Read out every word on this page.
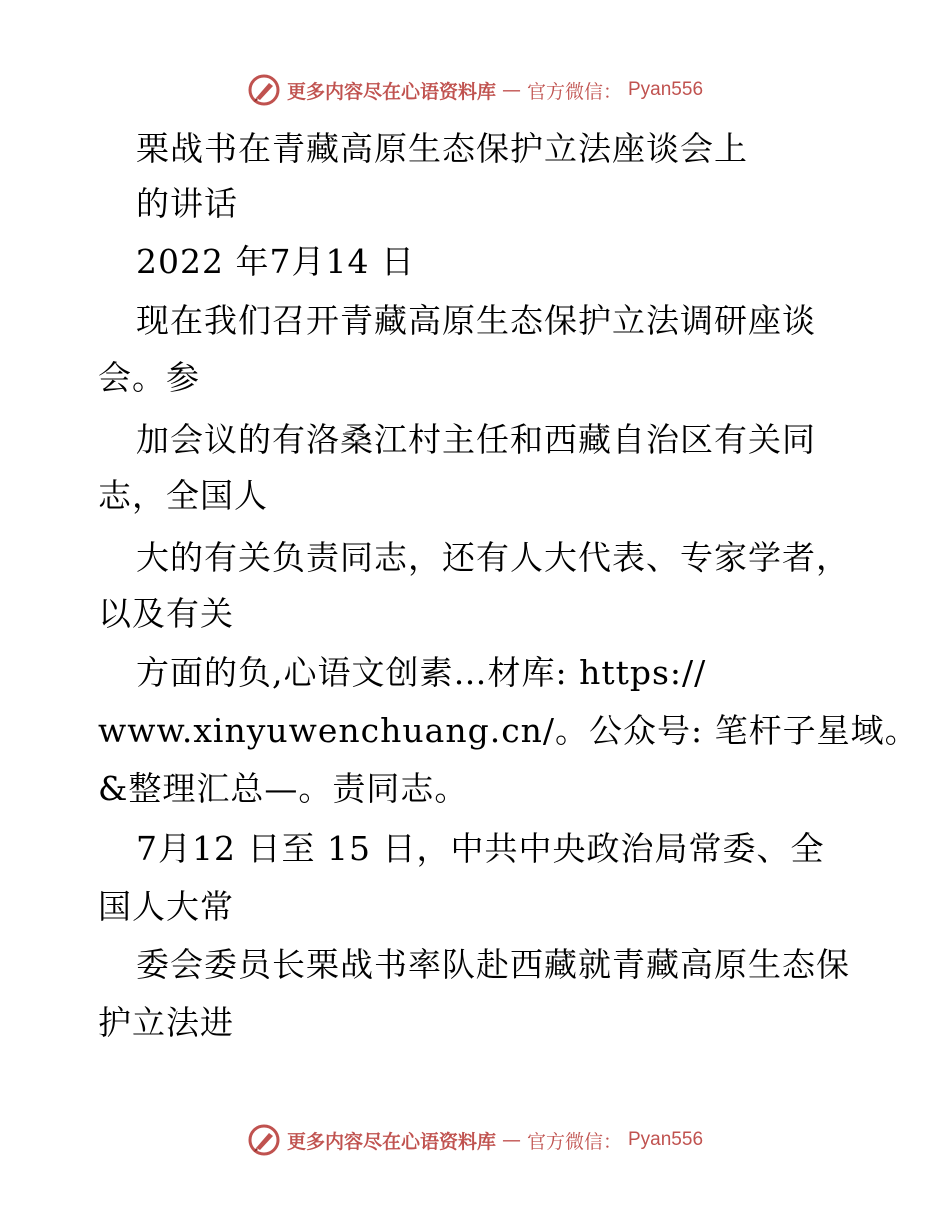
更多内容尽在心语资料库 — 官方微信： Pyan556
栗战书在青藏高原生态保护立法座谈会上
的讲话
2022 年7月14 日
现在我们召开青藏高原生态保护立法调研座谈
会。参
加会议的有洛桑江村主任和西藏自治区有关同
志，全国人
大的有关负责同志，还有人大代表、专家学者，
以及有关
方面的负,心语文创素…材库: https://
www.xinyuwenchuang.cn/。公众号: 笔杆子星域。
&整理汇总—。责同志。
7月12 日至 15 日，中共中央政治局常委、全
国人大常
委会委员长栗战书率队赴西藏就青藏高原生态保
护立法进
更多内容尽在心语资料库 — 官方微信： Pyan556
